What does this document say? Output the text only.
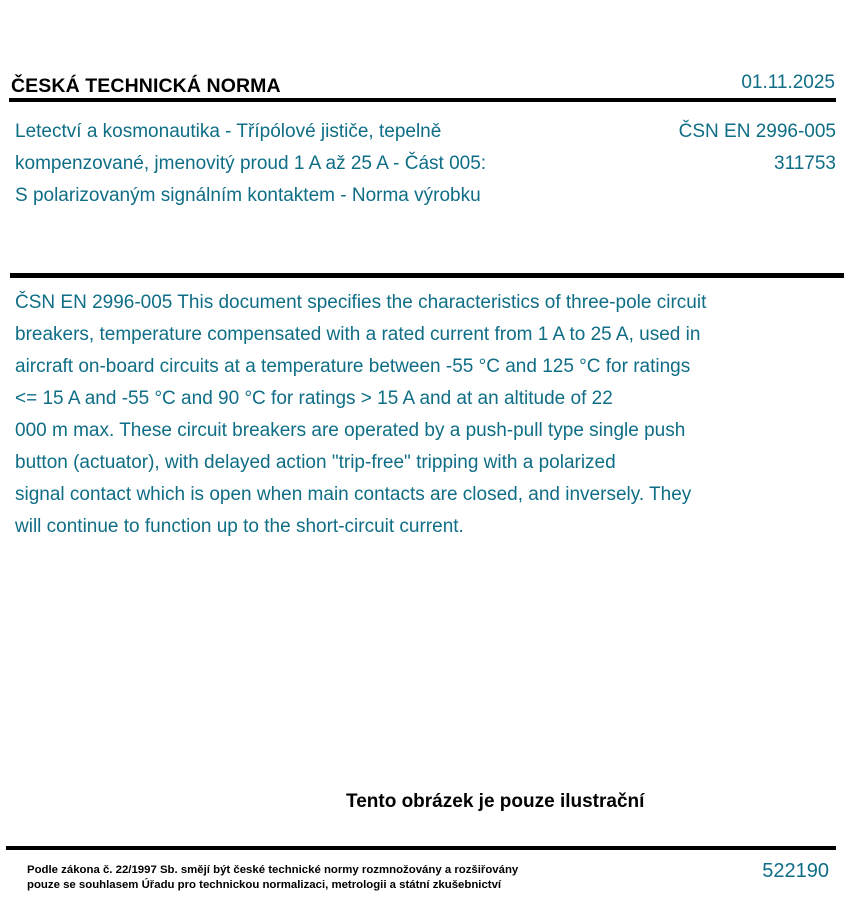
ČESKÁ TECHNICKÁ NORMA	01.11.2025
Letectví a kosmonautika - Třípólové jističe, tepelně
kompenzované, jmenovitý proud 1 A až 25 A - Část 005:
S polarizovaným signálním kontaktem - Norma výrobku
ČSN EN 2996-005
311753
ČSN EN 2996-005 This document specifies the characteristics of three-pole circuit
breakers, temperature compensated with a rated current from 1 A to 25 A, used in
aircraft on-board circuits at a temperature between -55 °C and 125 °C for ratings
<= 15 A and -55 °C and 90 °C for ratings > 15 A and at an altitude of 22
000 m max. These circuit breakers are operated by a push-pull type single push
button (actuator), with delayed action "trip-free" tripping with a polarized
signal contact which is open when main contacts are closed, and inversely. They
will continue to function up to the short-circuit current.
Tento obrázek je pouze ilustrační
Podle zákona č. 22/1997 Sb. smějí být české technické normy rozmnožovány a rozšiřovány
pouze se souhlasem Úřadu pro technickou normalizaci, metrologii a státní zkušebnictví
522190
